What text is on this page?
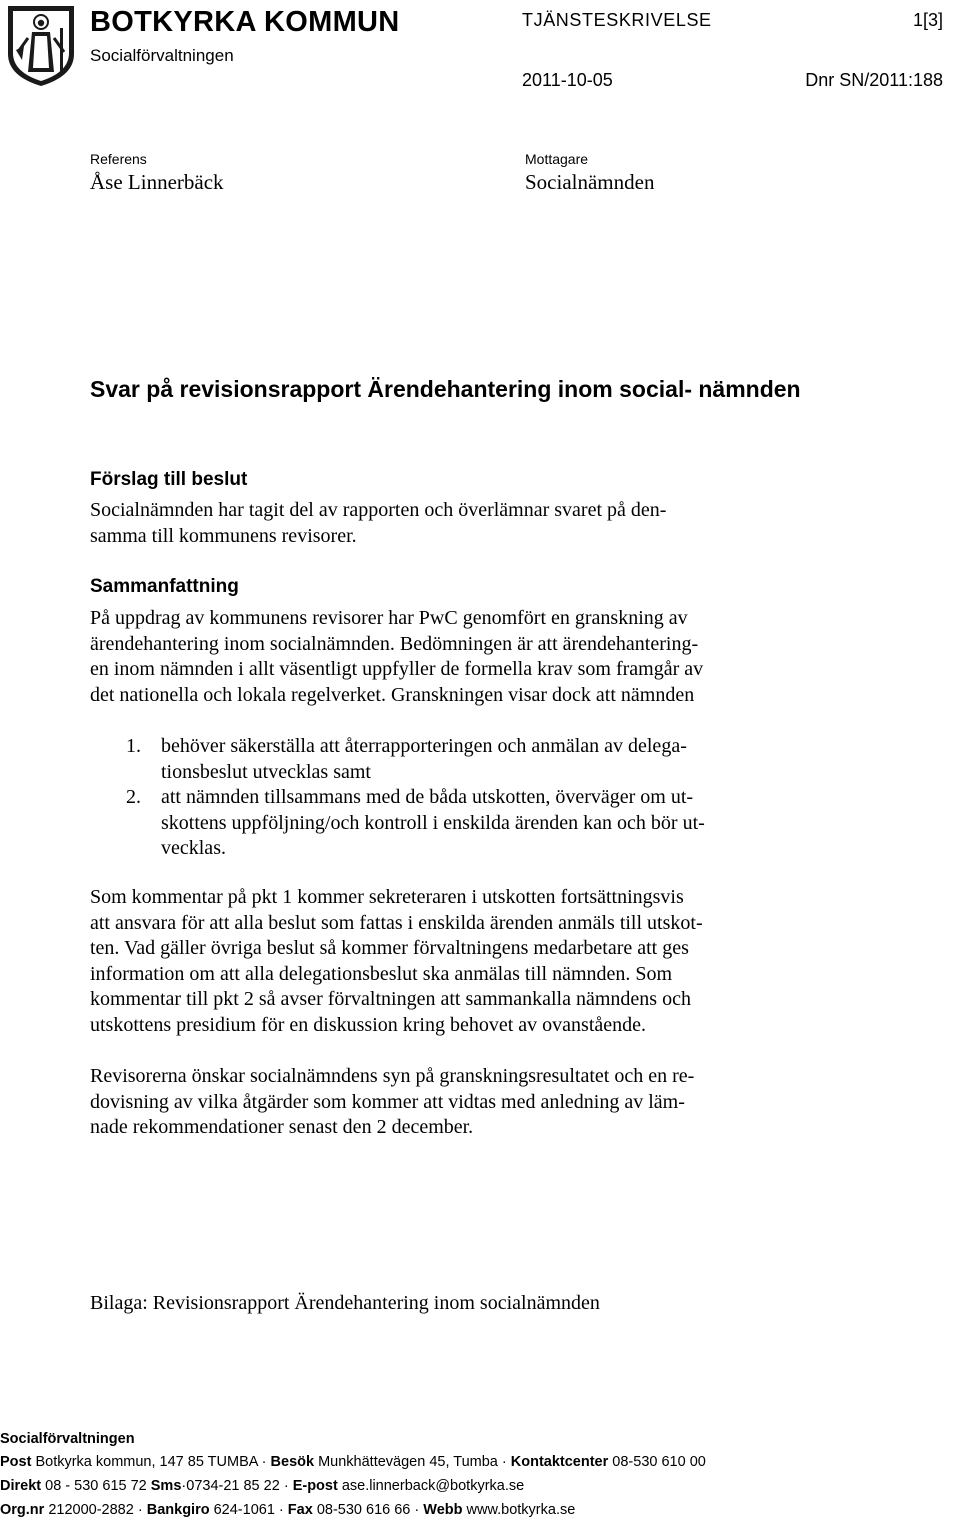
BOTKYRKA KOMMUN
Socialförvaltningen
TJÄNSTESKRIVELSE	1[3]
2011-10-05	Dnr SN/2011:188
Referens
Åse Linnerbäck
Mottagare
Socialnämnden
Svar på revisionsrapport Ärendehantering inom social- nämnden
Förslag till beslut
Socialnämnden har tagit del av rapporten och överlämnar svaret på den-
samma till kommunens revisorer.
Sammanfattning
På uppdrag av kommunens revisorer har PwC genomfört en granskning av
ärendehantering inom socialnämnden. Bedömningen är att ärendehantering-
en inom nämnden i allt väsentligt uppfyller de formella krav som framgår av
det nationella och lokala regelverket. Granskningen visar dock att nämnden
1. behöver säkerställa att återrapporteringen och anmälan av delega-
tionsbeslut utvecklas samt
2. att nämnden tillsammans med de båda utskotten, överväger om ut-
skottens uppföljning/och kontroll i enskilda ärenden kan och bör ut-
vecklas.
Som kommentar på pkt 1 kommer sekreteraren i utskotten fortsättningsvis
att ansvara för att alla beslut som fattas i enskilda ärenden anmäls till utskot-
ten. Vad gäller övriga beslut så kommer förvaltningens medarbetare att ges
information om att alla delegationsbeslut ska anmälas till nämnden. Som
kommentar till pkt 2 så avser förvaltningen att sammankalla nämndens och
utskottens presidium för en diskussion kring behovet av ovanstående.
Revisorerna önskar socialnämndens syn på granskningsresultatet och en re-
dovisning av vilka åtgärder som kommer att vidtas med anledning av läm-
nade rekommendationer senast den 2 december.
Bilaga: Revisionsrapport Ärendehantering inom socialnämnden
Socialförvaltningen
Post Botkyrka kommun, 147 85 TUMBA · Besök Munkhättevägen 45, Tumba · Kontaktcenter 08-530 610 00
Direkt 08 - 530 615 72 Sms·0734-21 85 22 · E-post ase.linnerback@botkyrka.se
Org.nr 212000-2882 · Bankgiro 624-1061 · Fax 08-530 616 66 · Webb www.botkyrka.se
